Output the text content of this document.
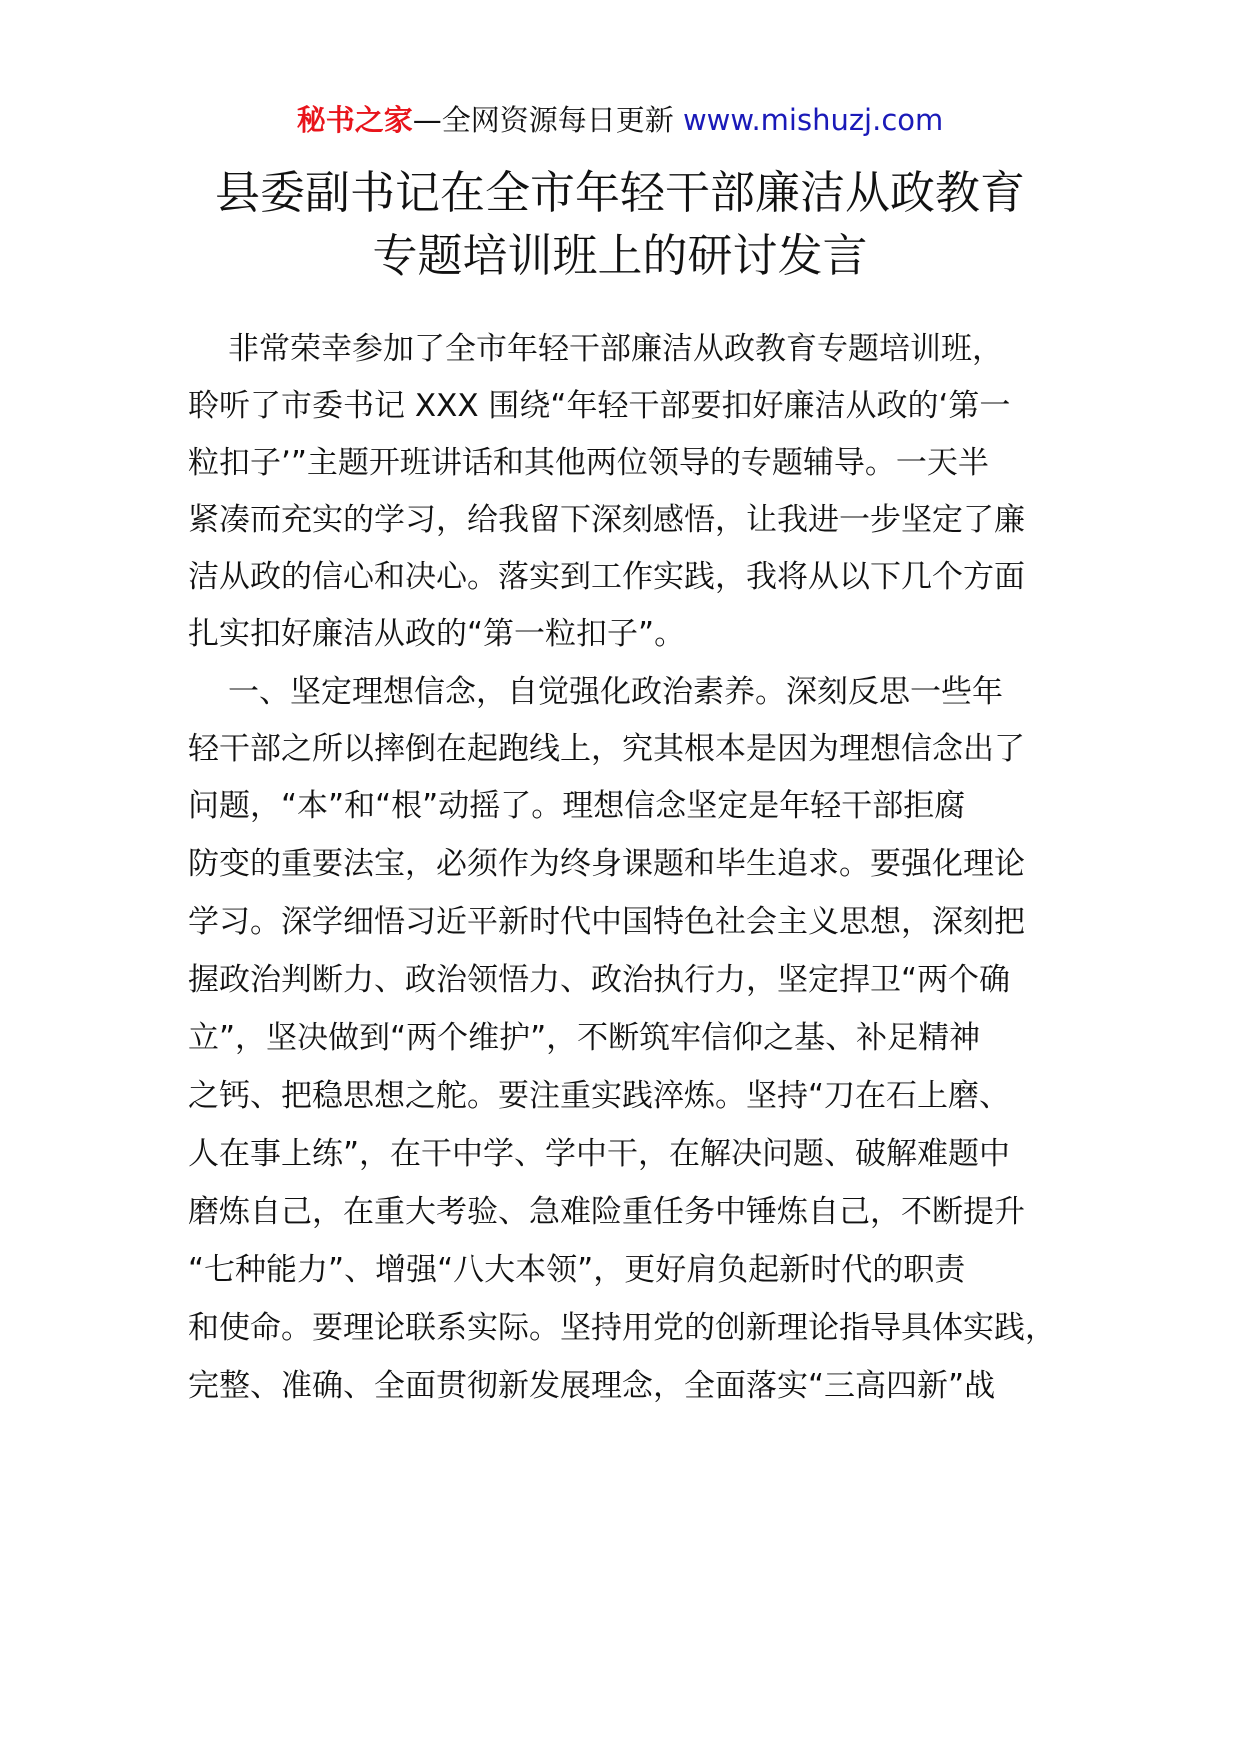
秘书之家—全网资源每日更新 www.mishuzj.com
县委副书记在全市年轻干部廉洁从政教育
专题培训班上的研讨发言
非常荣幸参加了全市年轻干部廉洁从政教育专题培训班，
聆听了市委书记 XXX 围绕“年轻干部要扣好廉洁从政的‘第一
粒扣子’”主题开班讲话和其他两位领导的专题辅导。一天半
紧凑而充实的学习，给我留下深刻感悟，让我进一步坚定了廉
洁从政的信心和决心。落实到工作实践，我将从以下几个方面
扎实扣好廉洁从政的“第一粒扣子”。
一、坚定理想信念，自觉强化政治素养。深刻反思一些年
轻干部之所以摔倒在起跑线上，究其根本是因为理想信念出了
问题，“本”和“根”动摇了。理想信念坚定是年轻干部拒腐
防变的重要法宝，必须作为终身课题和毕生追求。要强化理论
学习。深学细悟习近平新时代中国特色社会主义思想，深刻把
握政治判断力、政治领悟力、政治执行力，坚定捍卫“两个确
立”，坚决做到“两个维护”，不断筑牢信仰之基、补足精神
之钙、把稳思想之舵。要注重实践淬炼。坚持“刀在石上磨、
人在事上练”，在干中学、学中干，在解决问题、破解难题中
磨炼自己，在重大考验、急难险重任务中锤炼自己，不断提升
“七种能力”、增强“八大本领”，更好肩负起新时代的职责
和使命。要理论联系实际。坚持用党的创新理论指导具体实践，
完整、准确、全面贯彻新发展理念，全面落实“三高四新”战
